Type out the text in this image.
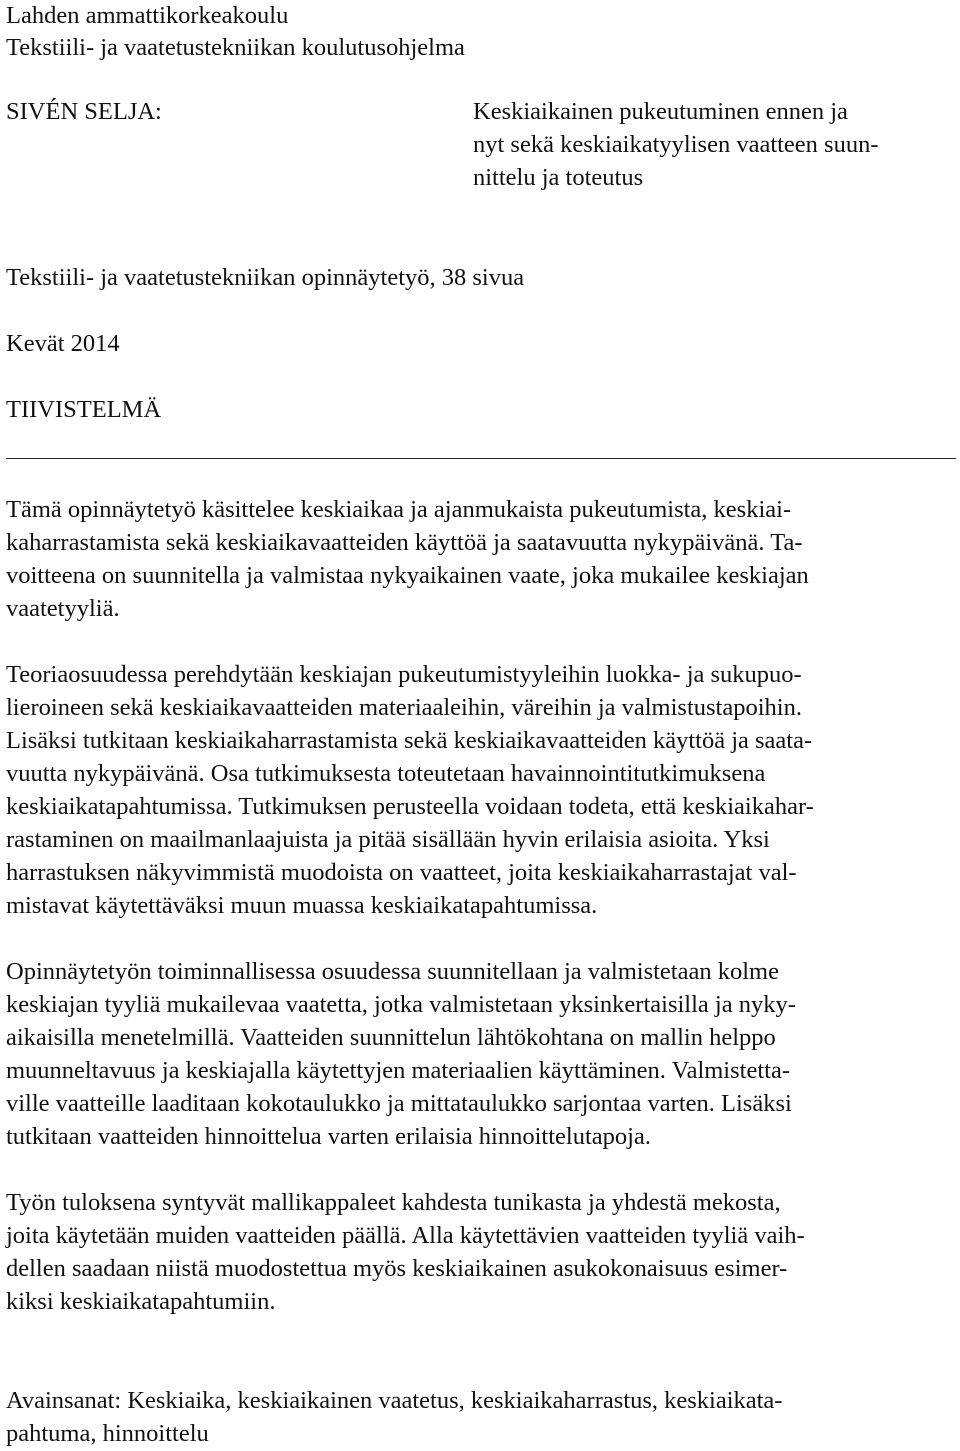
Lahden ammattikorkeakoulu
Tekstiili- ja vaatetustekniikan koulutusohjelma
SIVÉN SELJA:	Keskiaikainen pukeutuminen ennen ja
nyt sekä keskiaikatyylisen vaatteen suun-
nittelu ja toteutus
Tekstiili- ja vaatetustekniikan opinnäytetyö, 38 sivua
Kevät 2014
TIIVISTELMÄ
Tämä opinnäytetyö käsittelee keskiaikaa ja ajanmukaista pukeutumista, keskiai-
kaharrastamista sekä keskiaikavaatteiden käyttöä ja saatavuutta nykypäivänä. Ta-
voitteena on suunnitella ja valmistaa nykyaikainen vaate, joka mukailee keskiajan
vaatetyyliä.
Teoriaosuudessa perehdytään keskiajan pukeutumistyyleihin luokka- ja sukupuo-
lieroineen sekä keskiaikavaatteiden materiaaleihin, väreihin ja valmistustapoihin.
Lisäksi tutkitaan keskiaikaharrastamista sekä keskiaikavaatteiden käyttöä ja saata-
vuutta nykypäivänä. Osa tutkimuksesta toteutetaan havainnointitutkimuksena
keskiaikatapahtumissa. Tutkimuksen perusteella voidaan todeta, että keskiaikahar-
rastaminen on maailmanlaajuista ja pitää sisällään hyvin erilaisia asioita. Yksi
harrastuksen näkyvimmistä muodoista on vaatteet, joita keskiaikaharrastajat val-
mistavat käytettäväksi muun muassa keskiaikatapahtumissa.
Opinnäytetyön toiminnallisessa osuudessa suunnitellaan ja valmistetaan kolme
keskiajan tyyliä mukailevaa vaatetta, jotka valmistetaan yksinkertaisilla ja nyky-
aikaisilla menetelmillä. Vaatteiden suunnittelun lähtökohtana on mallin helppo
muunneltavuus ja keskiajalla käytettyjen materiaalien käyttäminen. Valmistetta-
ville vaatteille laaditaan kokotaulukko ja mittataulukko sarjontaa varten. Lisäksi
tutkitaan vaatteiden hinnoittelua varten erilaisia hinnoittelutapoja.
Työn tuloksena syntyvät mallikappaleet kahdesta tunikasta ja yhdestä mekosta,
joita käytetään muiden vaatteiden päällä. Alla käytettävien vaatteiden tyyliä vaih-
dellen saadaan niistä muodostettua myös keskiaikainen asukokonaisuus esimer-
kiksi keskiaikatapahtumiin.
Avainsanat: Keskiaika, keskiaikainen vaatetus, keskiaikaharrastus, keskiaikata-
pahtuma, hinnoittelu
